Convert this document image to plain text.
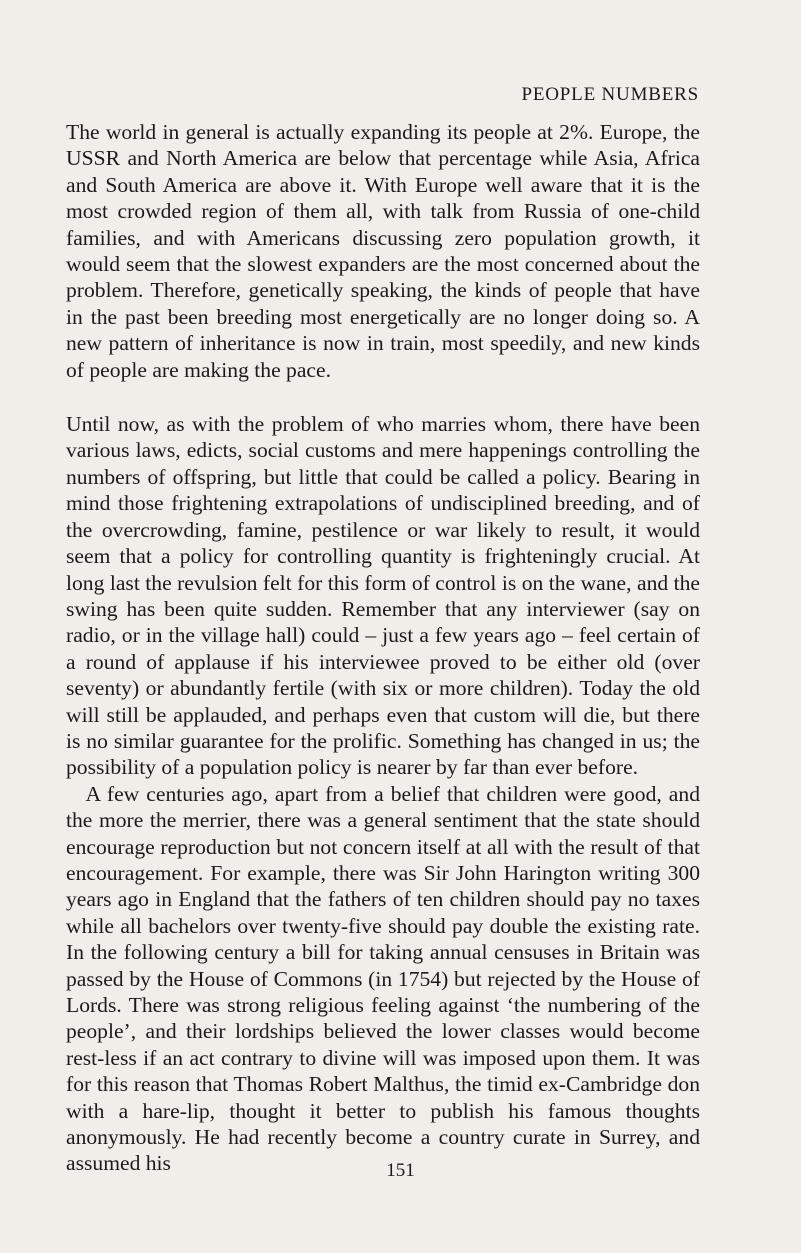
PEOPLE NUMBERS

The world in general is actually expanding its people at 2%. Europe, the USSR and North America are below that percentage while Asia, Africa and South America are above it. With Europe well aware that it is the most crowded region of them all, with talk from Russia of one-child families, and with Americans discussing zero population growth, it would seem that the slowest expanders are the most concerned about the problem. Therefore, genetically speaking, the kinds of people that have in the past been breeding most energetically are no longer doing so. A new pattern of inheritance is now in train, most speedily, and new kinds of people are making the pace.

Until now, as with the problem of who marries whom, there have been various laws, edicts, social customs and mere happenings controlling the numbers of offspring, but little that could be called a policy. Bearing in mind those frightening extrapolations of undisciplined breeding, and of the overcrowding, famine, pestilence or war likely to result, it would seem that a policy for controlling quantity is frighteningly crucial. At long last the revulsion felt for this form of control is on the wane, and the swing has been quite sudden. Remember that any interviewer (say on radio, or in the village hall) could – just a few years ago – feel certain of a round of applause if his interviewee proved to be either old (over seventy) or abundantly fertile (with six or more children). Today the old will still be applauded, and perhaps even that custom will die, but there is no similar guarantee for the prolific. Something has changed in us; the possibility of a population policy is nearer by far than ever before.

A few centuries ago, apart from a belief that children were good, and the more the merrier, there was a general sentiment that the state should encourage reproduction but not concern itself at all with the result of that encouragement. For example, there was Sir John Harington writing 300 years ago in England that the fathers of ten children should pay no taxes while all bachelors over twenty-five should pay double the existing rate. In the following century a bill for taking annual censuses in Britain was passed by the House of Commons (in 1754) but rejected by the House of Lords. There was strong religious feeling against ‘the numbering of the people’, and their lordships believed the lower classes would become rest-less if an act contrary to divine will was imposed upon them. It was for this reason that Thomas Robert Malthus, the timid ex-Cambridge don with a hare-lip, thought it better to publish his famous thoughts anonymously. He had recently become a country curate in Surrey, and assumed his	151
